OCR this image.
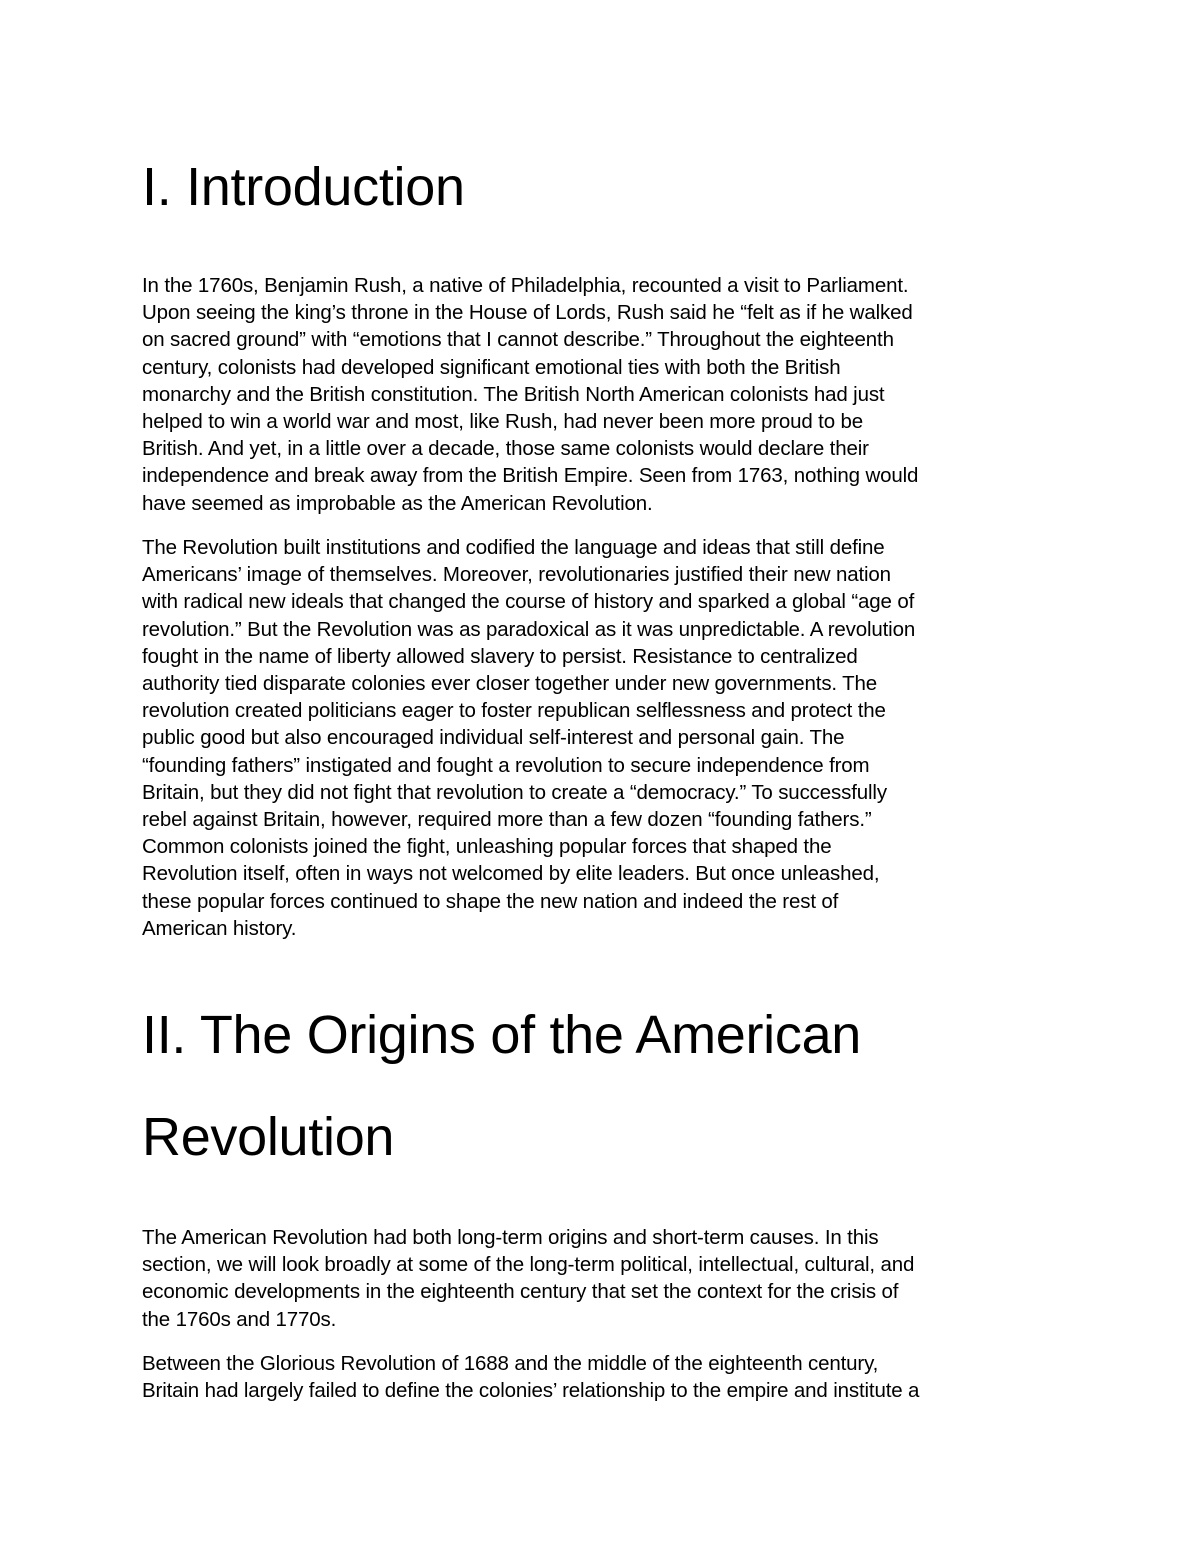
I. Introduction

In the 1760s, Benjamin Rush, a native of Philadelphia, recounted a visit to Parliament.
Upon seeing the king’s throne in the House of Lords, Rush said he “felt as if he walked
on sacred ground” with “emotions that I cannot describe.” Throughout the eighteenth
century, colonists had developed significant emotional ties with both the British
monarchy and the British constitution. The British North American colonists had just
helped to win a world war and most, like Rush, had never been more proud to be
British. And yet, in a little over a decade, those same colonists would declare their
independence and break away from the British Empire. Seen from 1763, nothing would
have seemed as improbable as the American Revolution.

The Revolution built institutions and codified the language and ideas that still define
Americans’ image of themselves. Moreover, revolutionaries justified their new nation
with radical new ideals that changed the course of history and sparked a global “age of
revolution.” But the Revolution was as paradoxical as it was unpredictable. A revolution
fought in the name of liberty allowed slavery to persist. Resistance to centralized
authority tied disparate colonies ever closer together under new governments. The
revolution created politicians eager to foster republican selflessness and protect the
public good but also encouraged individual self-interest and personal gain. The
“founding fathers” instigated and fought a revolution to secure independence from
Britain, but they did not fight that revolution to create a “democracy.” To successfully
rebel against Britain, however, required more than a few dozen “founding fathers.”
Common colonists joined the fight, unleashing popular forces that shaped the
Revolution itself, often in ways not welcomed by elite leaders. But once unleashed,
these popular forces continued to shape the new nation and indeed the rest of
American history.

II. The Origins of the American
Revolution

The American Revolution had both long-term origins and short-term causes. In this
section, we will look broadly at some of the long-term political, intellectual, cultural, and
economic developments in the eighteenth century that set the context for the crisis of
the 1760s and 1770s.

Between the Glorious Revolution of 1688 and the middle of the eighteenth century,
Britain had largely failed to define the colonies’ relationship to the empire and institute a
